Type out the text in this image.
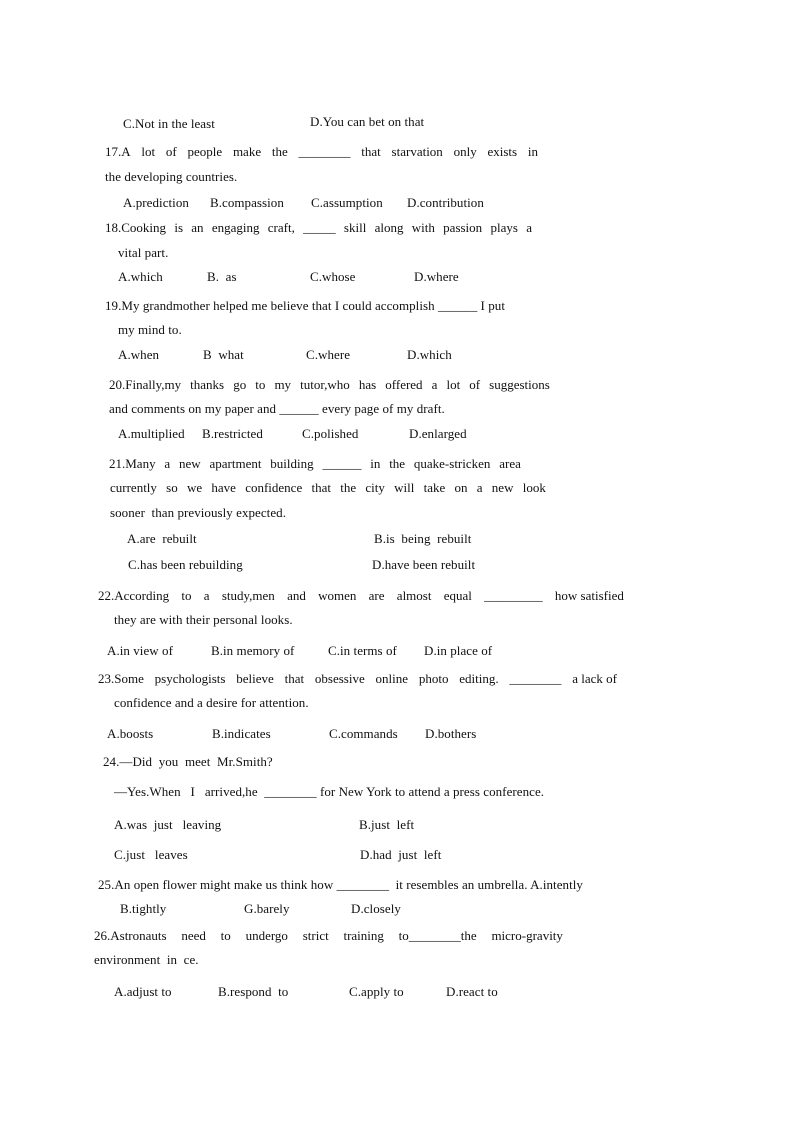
C.Not in the least	D.You can bet on that
17.A lot of people make the ________ that starvation only exists in
the developing countries.
A.prediction B.compassion C.assumption D.contribution
18.Cooking is an engaging craft, _____ skill along with passion plays a
vital part.
A.which	B.  as	C.whose	D.where
19.My grandmother helped me believe that I could accomplish ______ I put
my mind to.
A.when	B  what	C.where	D.which
20.Finally,my thanks go to my tutor,who has offered a lot of suggestions
and comments on my paper and ______ every page of my draft.
A.multiplied B.restricted	C.polished	D.enlarged
21.Many a new apartment building ______ in the quake-stricken area
currently so we have confidence that the city will take on a new look
sooner  than previously expected.
A.are  rebuilt	B.is  being  rebuilt
C.has been rebuilding	D.have been rebuilt
22.According to a study,men and women are almost equal _________ how satisfied
they are with their personal looks.
A.in view of	B.in memory of	C.in terms of D.in place of
23.Some psychologists believe that obsessive online photo editing. ________ a lack of
confidence and a desire for attention.
A.boosts	B.indicates	C.commands D.bothers
24.—Did  you  meet  Mr.Smith?
—Yes.When   I   arrived,he  ________ for New York to attend a press conference.
A.was  just   leaving	B.just  left
C.just   leaves	D.had  just  left
25.An open flower might make us think how ________  it resembles an umbrella. A.intently
B.tightly	G.barely	D.closely
26.Astronauts need to undergo strict training to________the micro-gravity
environment  in  ce.
A.adjust to	B.respond  to	C.apply to	D.react to
